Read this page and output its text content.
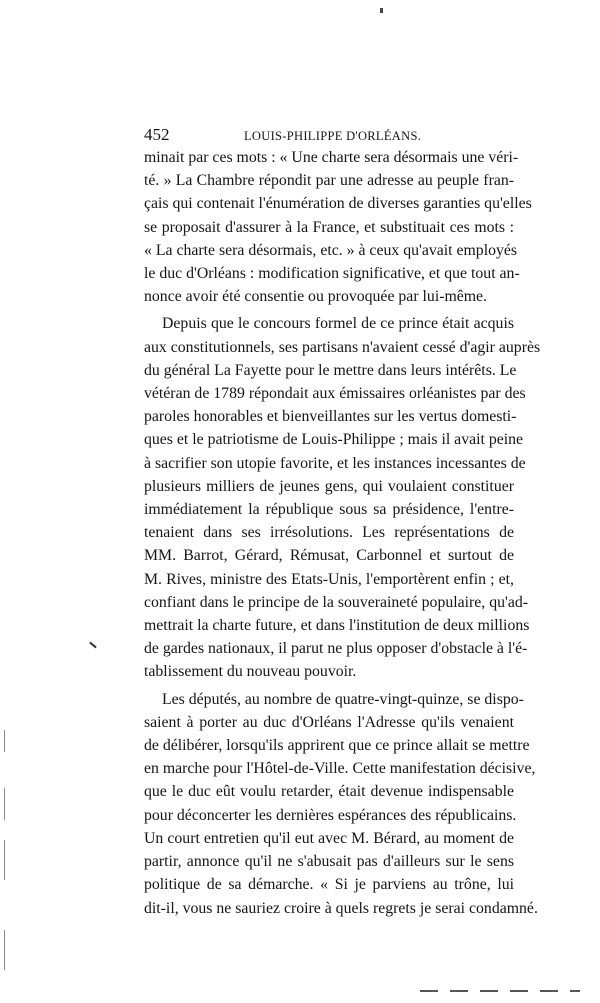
452	LOUIS-PHILIPPE D'ORLÉANS.

minait par ces mots : « Une charte sera désormais une véri-
té. » La Chambre répondit par une adresse au peuple fran-
çais qui contenait l'énumération de diverses garanties qu'elles
se proposait d'assurer à la France, et substituait ces mots :
« La charte sera désormais, etc. » à ceux qu'avait employés
le duc d'Orléans : modification significative, et que tout an-
nonce avoir été consentie ou provoquée par lui-même.

Depuis que le concours formel de ce prince était acquis
aux constitutionnels, ses partisans n'avaient cessé d'agir auprès
du général La Fayette pour le mettre dans leurs intérêts. Le
vétéran de 1789 répondait aux émissaires orléanistes par des
paroles honorables et bienveillantes sur les vertus domesti-
ques et le patriotisme de Louis-Philippe ; mais il avait peine
à sacrifier son utopie favorite, et les instances incessantes de
plusieurs milliers de jeunes gens, qui voulaient constituer
immédiatement la république sous sa présidence, l'entre-
tenaient dans ses irrésolutions. Les représentations de
MM. Barrot, Gérard, Rémusat, Carbonnel et surtout de
M. Rives, ministre des Etats-Unis, l'emportèrent enfin ; et,
confiant dans le principe de la souveraineté populaire, qu'ad-
mettrait la charte future, et dans l'institution de deux millions
de gardes nationaux, il parut ne plus opposer d'obstacle à l'é-
tablissement du nouveau pouvoir.

Les députés, au nombre de quatre-vingt-quinze, se dispo-
saient à porter au duc d'Orléans l'Adresse qu'ils venaient
de délibérer, lorsqu'ils apprirent que ce prince allait se mettre
en marche pour l'Hôtel-de-Ville. Cette manifestation décisive,
que le duc eût voulu retarder, était devenue indispensable
pour déconcerter les dernières espérances des républicains.
Un court entretien qu'il eut avec M. Bérard, au moment de
partir, annonce qu'il ne s'abusait pas d'ailleurs sur le sens
politique de sa démarche. « Si je parviens au trône, lui
dit-il, vous ne sauriez croire à quels regrets je serai condamné.
